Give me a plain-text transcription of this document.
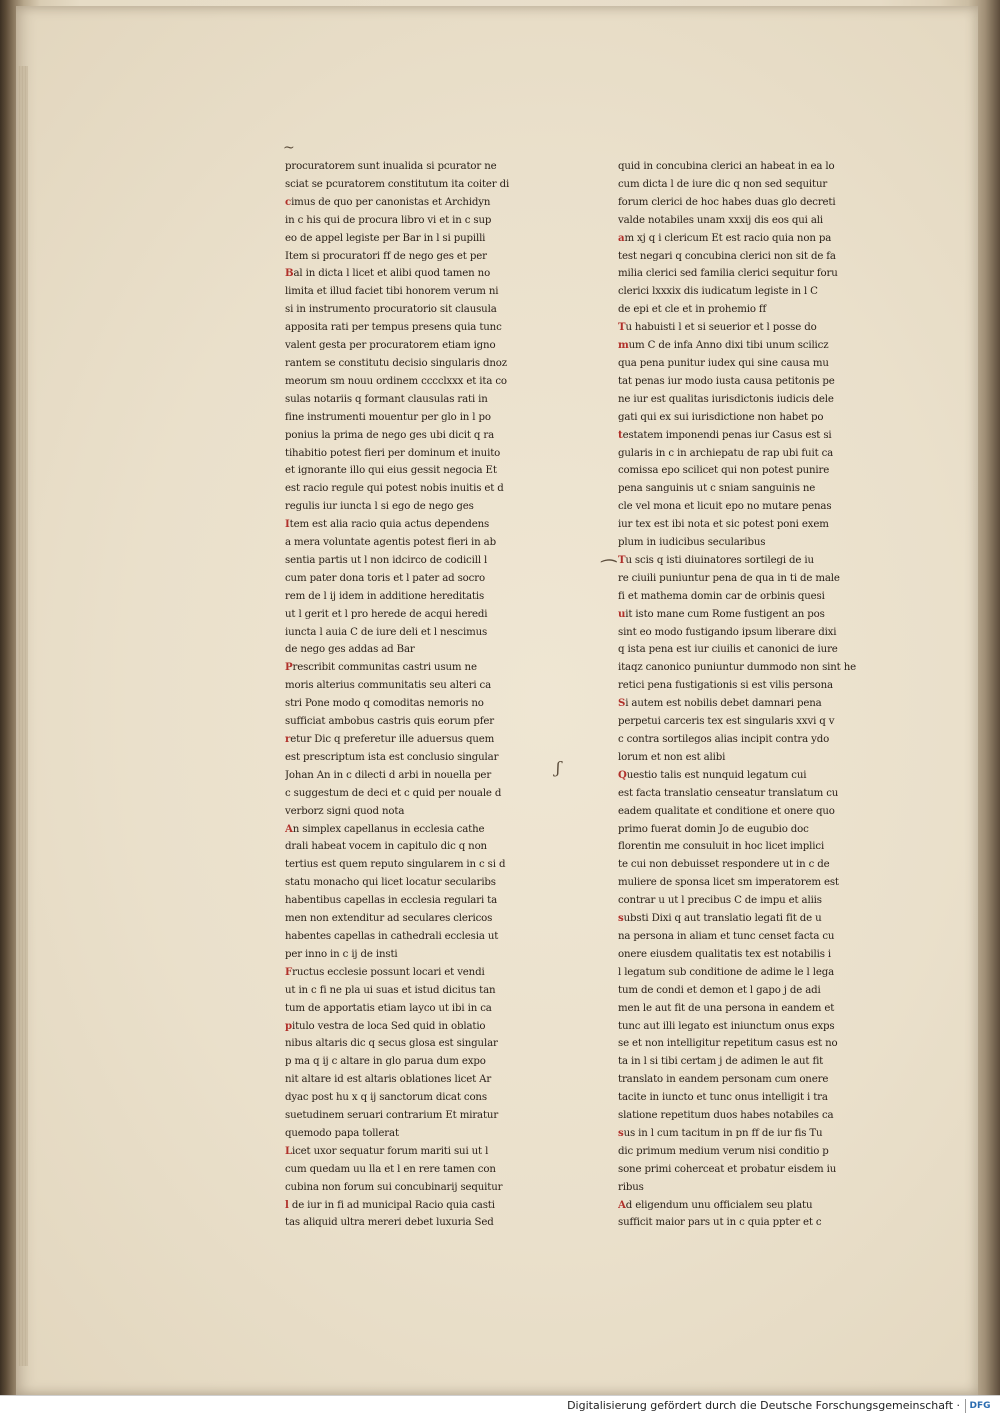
~
⁀
ʃ
procuratorem sunt inualida si pcurator ne
sciat se pcuratorem constitutum ita coiter di
cimus de quo per canonistas et Archidyn
in c his qui de procura libro vi et in c sup
eo de appel legiste per Bar in l si pupilli
Item si procuratori ff de nego ges et per
Bal in dicta l licet et alibi quod tamen no
limita et illud faciet tibi honorem verum ni
si in instrumento procuratorio sit clausula
apposita rati per tempus presens quia tunc
valent gesta per procuratorem etiam igno
rantem se constitutu decisio singularis dnoz
meorum sm nouu ordinem cccclxxx et ita co
sulas notariis q formant clausulas rati in
fine instrumenti mouentur per glo in l po
ponius la prima de nego ges ubi dicit q ra
tihabitio potest fieri per dominum et inuito
et ignorante illo qui eius gessit negocia Et
est racio regule qui potest nobis inuitis et d
regulis iur iuncta l si ego de nego ges
Item est alia racio quia actus dependens
a mera voluntate agentis potest fieri in ab
sentia partis ut l non idcirco de codicill l
cum pater dona toris et l pater ad socro
rem de l ij idem in additione hereditatis
ut l gerit et l pro herede de acqui heredi
iuncta l auia C de iure deli et l nescimus
de nego ges addas ad Bar
Prescribit communitas castri usum ne
moris alterius communitatis seu alteri ca
stri Pone modo q comoditas nemoris no
sufficiat ambobus castris quis eorum pfer
retur Dic q preferetur ille aduersus quem
est prescriptum ista est conclusio singular
Johan An in c dilecti d arbi in nouella per
c suggestum de deci et c quid per nouale d
verborz signi quod nota
An simplex capellanus in ecclesia cathe
drali habeat vocem in capitulo dic q non
tertius est quem reputo singularem in c si d
statu monacho qui licet locatur secularibs
habentibus capellas in ecclesia regulari ta
men non extenditur ad seculares clericos
habentes capellas in cathedrali ecclesia ut
per inno in c ij de insti
Fructus ecclesie possunt locari et vendi
ut in c fi ne pla ui suas et istud dicitus tan
tum de apportatis etiam layco ut ibi in ca
pitulo vestra de loca Sed quid in oblatio
nibus altaris dic q secus glosa est singular
p ma q ij c altare in glo parua dum expo
nit altare id est altaris oblationes licet Ar
dyac post hu x q ij sanctorum dicat cons
suetudinem seruari contrarium Et miratur
quemodo papa tollerat
Licet uxor sequatur forum mariti sui ut l
cum quedam uu lla et l en rere tamen con
cubina non forum sui concubinarij sequitur
l de iur in fi ad municipal Racio quia casti
tas aliquid ultra mereri debet luxuria Sed
quid in concubina clerici an habeat in ea lo
cum dicta l de iure dic q non sed sequitur
forum clerici de hoc habes duas glo decreti
valde notabiles unam xxxij dis eos qui ali
am xj q i clericum Et est racio quia non pa
test negari q concubina clerici non sit de fa
milia clerici sed familia clerici sequitur foru
clerici lxxxix dis iudicatum legiste in l C
de epi et cle et in prohemio ff
Tu habuisti l et si seuerior et l posse do
mum C de infa Anno dixi tibi unum scilicz
qua pena punitur iudex qui sine causa mu
tat penas iur modo iusta causa petitonis pe
ne iur est qualitas iurisdictonis iudicis dele
gati qui ex sui iurisdictione non habet po
testatem imponendi penas iur Casus est si
gularis in c in archiepatu de rap ubi fuit ca
comissa epo scilicet qui non potest punire
pena sanguinis ut c sniam sanguinis ne
cle vel mona et licuit epo no mutare penas
iur tex est ibi nota et sic potest poni exem
plum in iudicibus secularibus
Tu scis q isti diuinatores sortilegi de iu
re ciuili puniuntur pena de qua in ti de male
fi et mathema domin car de orbinis quesi
uit isto mane cum Rome fustigent an pos
sint eo modo fustigando ipsum liberare dixi
q ista pena est iur ciuilis et canonici de iure
itaqz canonico puniuntur dummodo non sint he
retici pena fustigationis si est vilis persona
Si autem est nobilis debet damnari pena
perpetui carceris tex est singularis xxvi q v
c contra sortilegos alias incipit contra ydo
lorum et non est alibi
Questio talis est nunquid legatum cui
est facta translatio censeatur translatum cu
eadem qualitate et conditione et onere quo
primo fuerat domin Jo de eugubio doc
florentin me consuluit in hoc licet implici
te cui non debuisset respondere ut in c de
muliere de sponsa licet sm imperatorem est
contrar u ut l precibus C de impu et aliis
substi Dixi q aut translatio legati fit de u
na persona in aliam et tunc censet facta cu
onere eiusdem qualitatis tex est notabilis i
l legatum sub conditione de adime le l lega
tum de condi et demon et l gapo j de adi
men le aut fit de una persona in eandem et
tunc aut illi legato est iniunctum onus exps
se et non intelligitur repetitum casus est no
ta in l si tibi certam j de adimen le aut fit
translato in eandem personam cum onere
tacite in iuncto et tunc onus intelligit i tra
slatione repetitum duos habes notabiles ca
sus in l cum tacitum in pn ff de iur fis Tu
dic primum medium verum nisi conditio p
sone primi coherceat et probatur eisdem iu
ribus
Ad eligendum unu officialem seu platu
sufficit maior pars ut in c quia ppter et c
Digitalisierung gefördert durch die Deutsche Forschungsgemeinschaft · DFG
